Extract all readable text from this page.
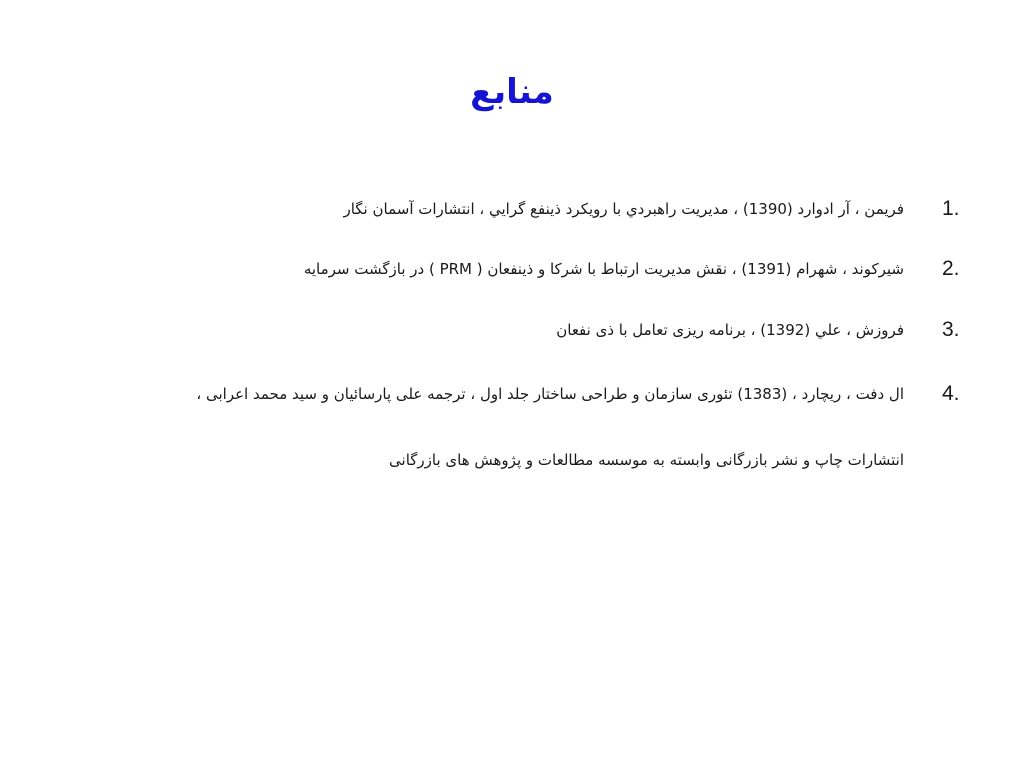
منابع
1.
فريمن ، آر ادوارد (1390) ، مديريت راهبردي با رويکرد ذينفع گرايي ، انتشارات آسمان نگار
2.
شيرکوند ، شهرام (1391) ، نقش مديريت ارتباط با شرکا و ذينفعان ( PRM ) در بازگشت سرمايه
3.
فروزش ، علي (1392) ، برنامه ريزی تعامل با ذی نفعان
4.
ال دفت ، ريچارد ، (1383) تئوری سازمان و طراحی ساختار جلد اول ، ترجمه علی پارسائيان و سيد محمد اعرابی ،
انتشارات چاپ و نشر بازرگانی وابسته به موسسه مطالعات و پژوهش های بازرگانی
